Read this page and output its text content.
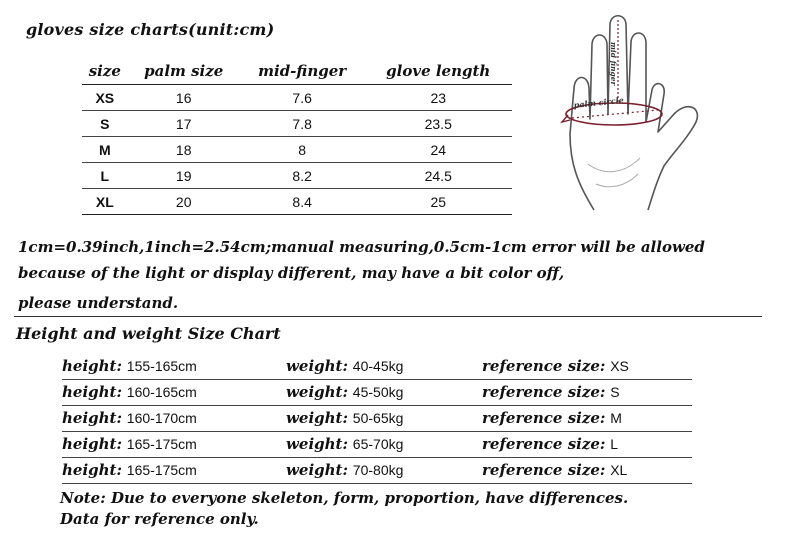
gloves size charts(unit:cm)
size	palm size	mid-finger	glove length
XS	16	7.6	23
S	17	7.8	23.5
M	18	8	24
L	19	8.2	24.5
XL	20	8.4	25
mid finger
palm circle
1cm=0.39inch,1inch=2.54cm;manual measuring,0.5cm-1cm error will be allowed
because of the light or display different, may have a bit color off,
please understand.
Height and weight Size Chart
height: 155-165cm	weight: 40-45kg	reference size: XS
height: 160-165cm	weight: 45-50kg	reference size: S
height: 160-170cm	weight: 50-65kg	reference size: M
height: 165-175cm	weight: 65-70kg	reference size: L
height: 165-175cm	weight: 70-80kg	reference size: XL
Note: Due to everyone skeleton, form, proportion, have differences.
Data for reference only.
